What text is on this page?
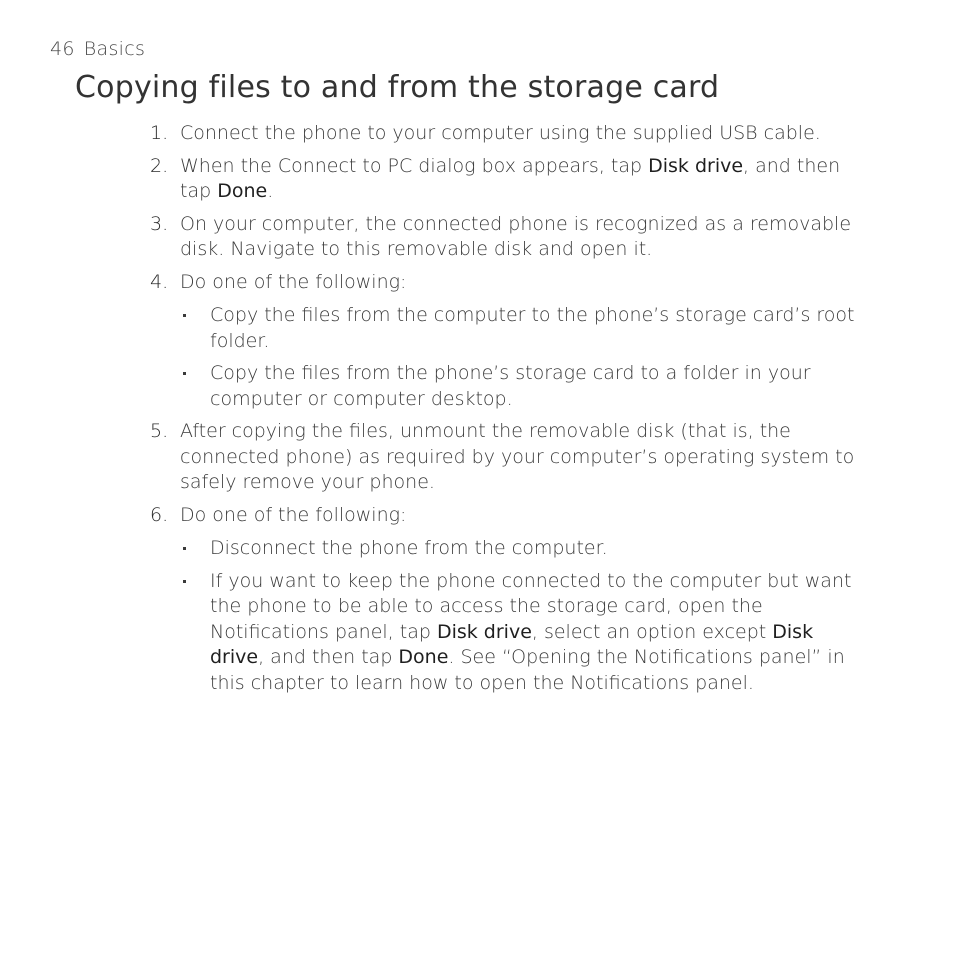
46 Basics
Copying files to and from the storage card
1. Connect the phone to your computer using the supplied USB cable.
2. When the Connect to PC dialog box appears, tap Disk drive, and then tap Done.
3. On your computer, the connected phone is recognized as a removable disk. Navigate to this removable disk and open it.
4. Do one of the following:
Copy the files from the computer to the phone’s storage card’s root folder.
Copy the files from the phone’s storage card to a folder in your computer or computer desktop.
5. After copying the files, unmount the removable disk (that is, the connected phone) as required by your computer’s operating system to safely remove your phone.
6. Do one of the following:
Disconnect the phone from the computer.
If you want to keep the phone connected to the computer but want the phone to be able to access the storage card, open the Notifications panel, tap Disk drive, select an option except Disk drive, and then tap Done. See “Opening the Notifications panel” in this chapter to learn how to open the Notifications panel.
